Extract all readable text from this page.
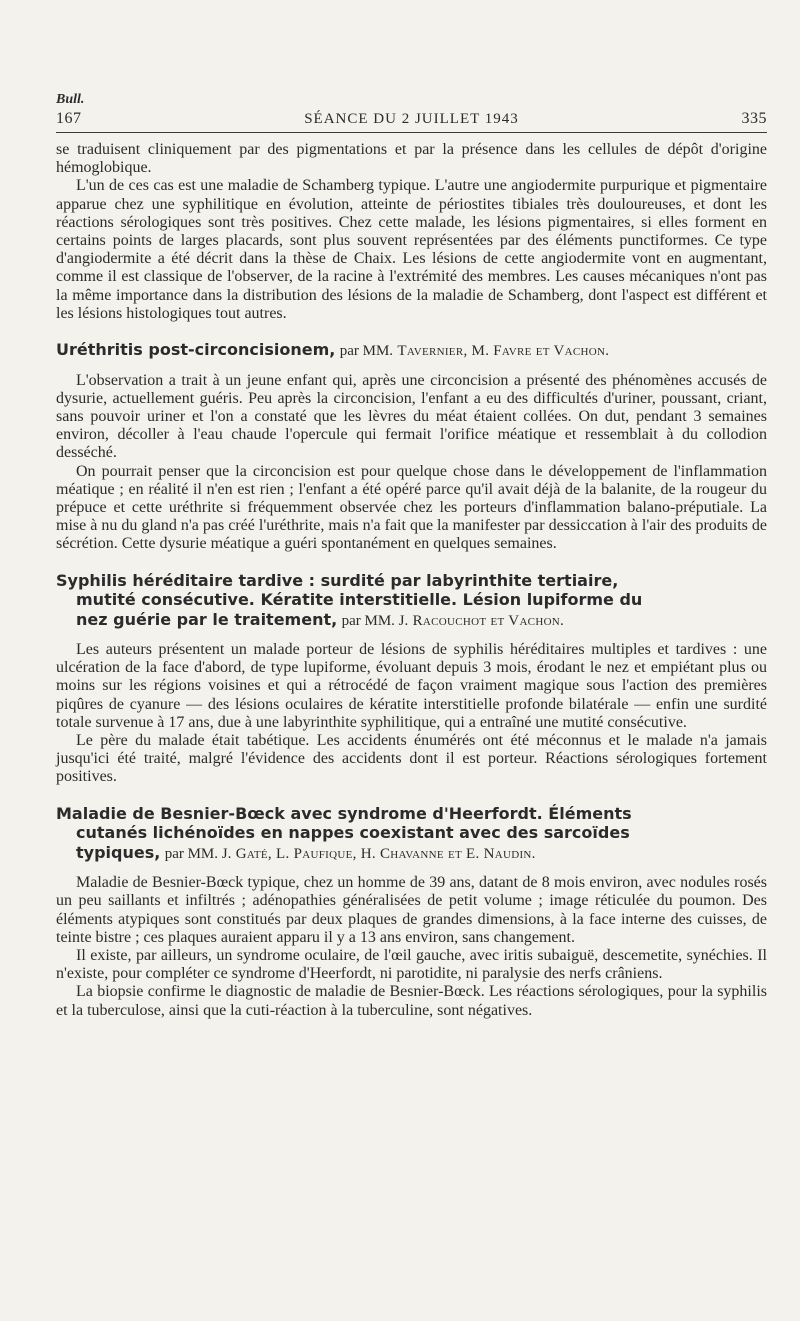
Bull.
167	SÉANCE DU 2 JUILLET 1943	335

se traduisent cliniquement par des pigmentations et par la présence dans les cellules de dépôt d'origine hémoglobique.

L'un de ces cas est une maladie de Schamberg typique. L'autre une angiodermite purpurique et pigmentaire apparue chez une syphilitique en évolution, atteinte de périostites tibiales très douloureuses, et dont les réactions sérologiques sont très positives. Chez cette malade, les lésions pigmentaires, si elles forment en certains points de larges placards, sont plus souvent représentées par des éléments punctiformes. Ce type d'angiodermite a été décrit dans la thèse de Chaix. Les lésions de cette angiodermite vont en augmentant, comme il est classique de l'observer, de la racine à l'extrémité des membres. Les causes mécaniques n'ont pas la même importance dans la distribution des lésions de la maladie de Schamberg, dont l'aspect est différent et les lésions histologiques tout autres.

Uréthritis post-circoncisionem, par MM. Tavernier, M. Favre et Vachon.

L'observation a trait à un jeune enfant qui, après une circoncision a présenté des phénomènes accusés de dysurie, actuellement guéris. Peu après la circoncision, l'enfant a eu des difficultés d'uriner, poussant, criant, sans pouvoir uriner et l'on a constaté que les lèvres du méat étaient collées. On dut, pendant 3 semaines environ, décoller à l'eau chaude l'opercule qui fermait l'orifice méatique et ressemblait à du collodion desséché.

On pourrait penser que la circoncision est pour quelque chose dans le développement de l'inflammation méatique ; en réalité il n'en est rien ; l'enfant a été opéré parce qu'il avait déjà de la balanite, de la rougeur du prépuce et cette uréthrite si fréquemment observée chez les porteurs d'inflammation balano-préputiale. La mise à nu du gland n'a pas créé l'uréthrite, mais n'a fait que la manifester par dessiccation à l'air des produits de sécrétion. Cette dysurie méatique a guéri spontanément en quelques semaines.

Syphilis héréditaire tardive : surdité par labyrinthite tertiaire,
mutité consécutive. Kératite interstitielle. Lésion lupiforme du
nez guérie par le traitement, par MM. J. Racouchot et Vachon.

Les auteurs présentent un malade porteur de lésions de syphilis héréditaires multiples et tardives : une ulcération de la face d'abord, de type lupiforme, évoluant depuis 3 mois, érodant le nez et empiétant plus ou moins sur les régions voisines et qui a rétrocédé de façon vraiment magique sous l'action des premières piqûres de cyanure — des lésions oculaires de kératite interstitielle profonde bilatérale — enfin une surdité totale survenue à 17 ans, due à une labyrinthite syphilitique, qui a entraîné une mutité consécutive.

Le père du malade était tabétique. Les accidents énumérés ont été méconnus et le malade n'a jamais jusqu'ici été traité, malgré l'évidence des accidents dont il est porteur. Réactions sérologiques fortement positives.

Maladie de Besnier-Bœck avec syndrome d'Heerfordt. Éléments
cutanés lichénoïdes en nappes coexistant avec des sarcoïdes
typiques, par MM. J. Gaté, L. Paufique, H. Chavanne et E. Naudin.

Maladie de Besnier-Bœck typique, chez un homme de 39 ans, datant de 8 mois environ, avec nodules rosés un peu saillants et infiltrés ; adénopathies généralisées de petit volume ; image réticulée du poumon. Des éléments atypiques sont constitués par deux plaques de grandes dimensions, à la face interne des cuisses, de teinte bistre ; ces plaques auraient apparu il y a 13 ans environ, sans changement.

Il existe, par ailleurs, un syndrome oculaire, de l'œil gauche, avec iritis subaiguë, descemetite, synéchies. Il n'existe, pour compléter ce syndrome d'Heerfordt, ni parotidite, ni paralysie des nerfs crâniens.

La biopsie confirme le diagnostic de maladie de Besnier-Bœck. Les réactions sérologiques, pour la syphilis et la tuberculose, ainsi que la cuti-réaction à la tuberculine, sont négatives.
